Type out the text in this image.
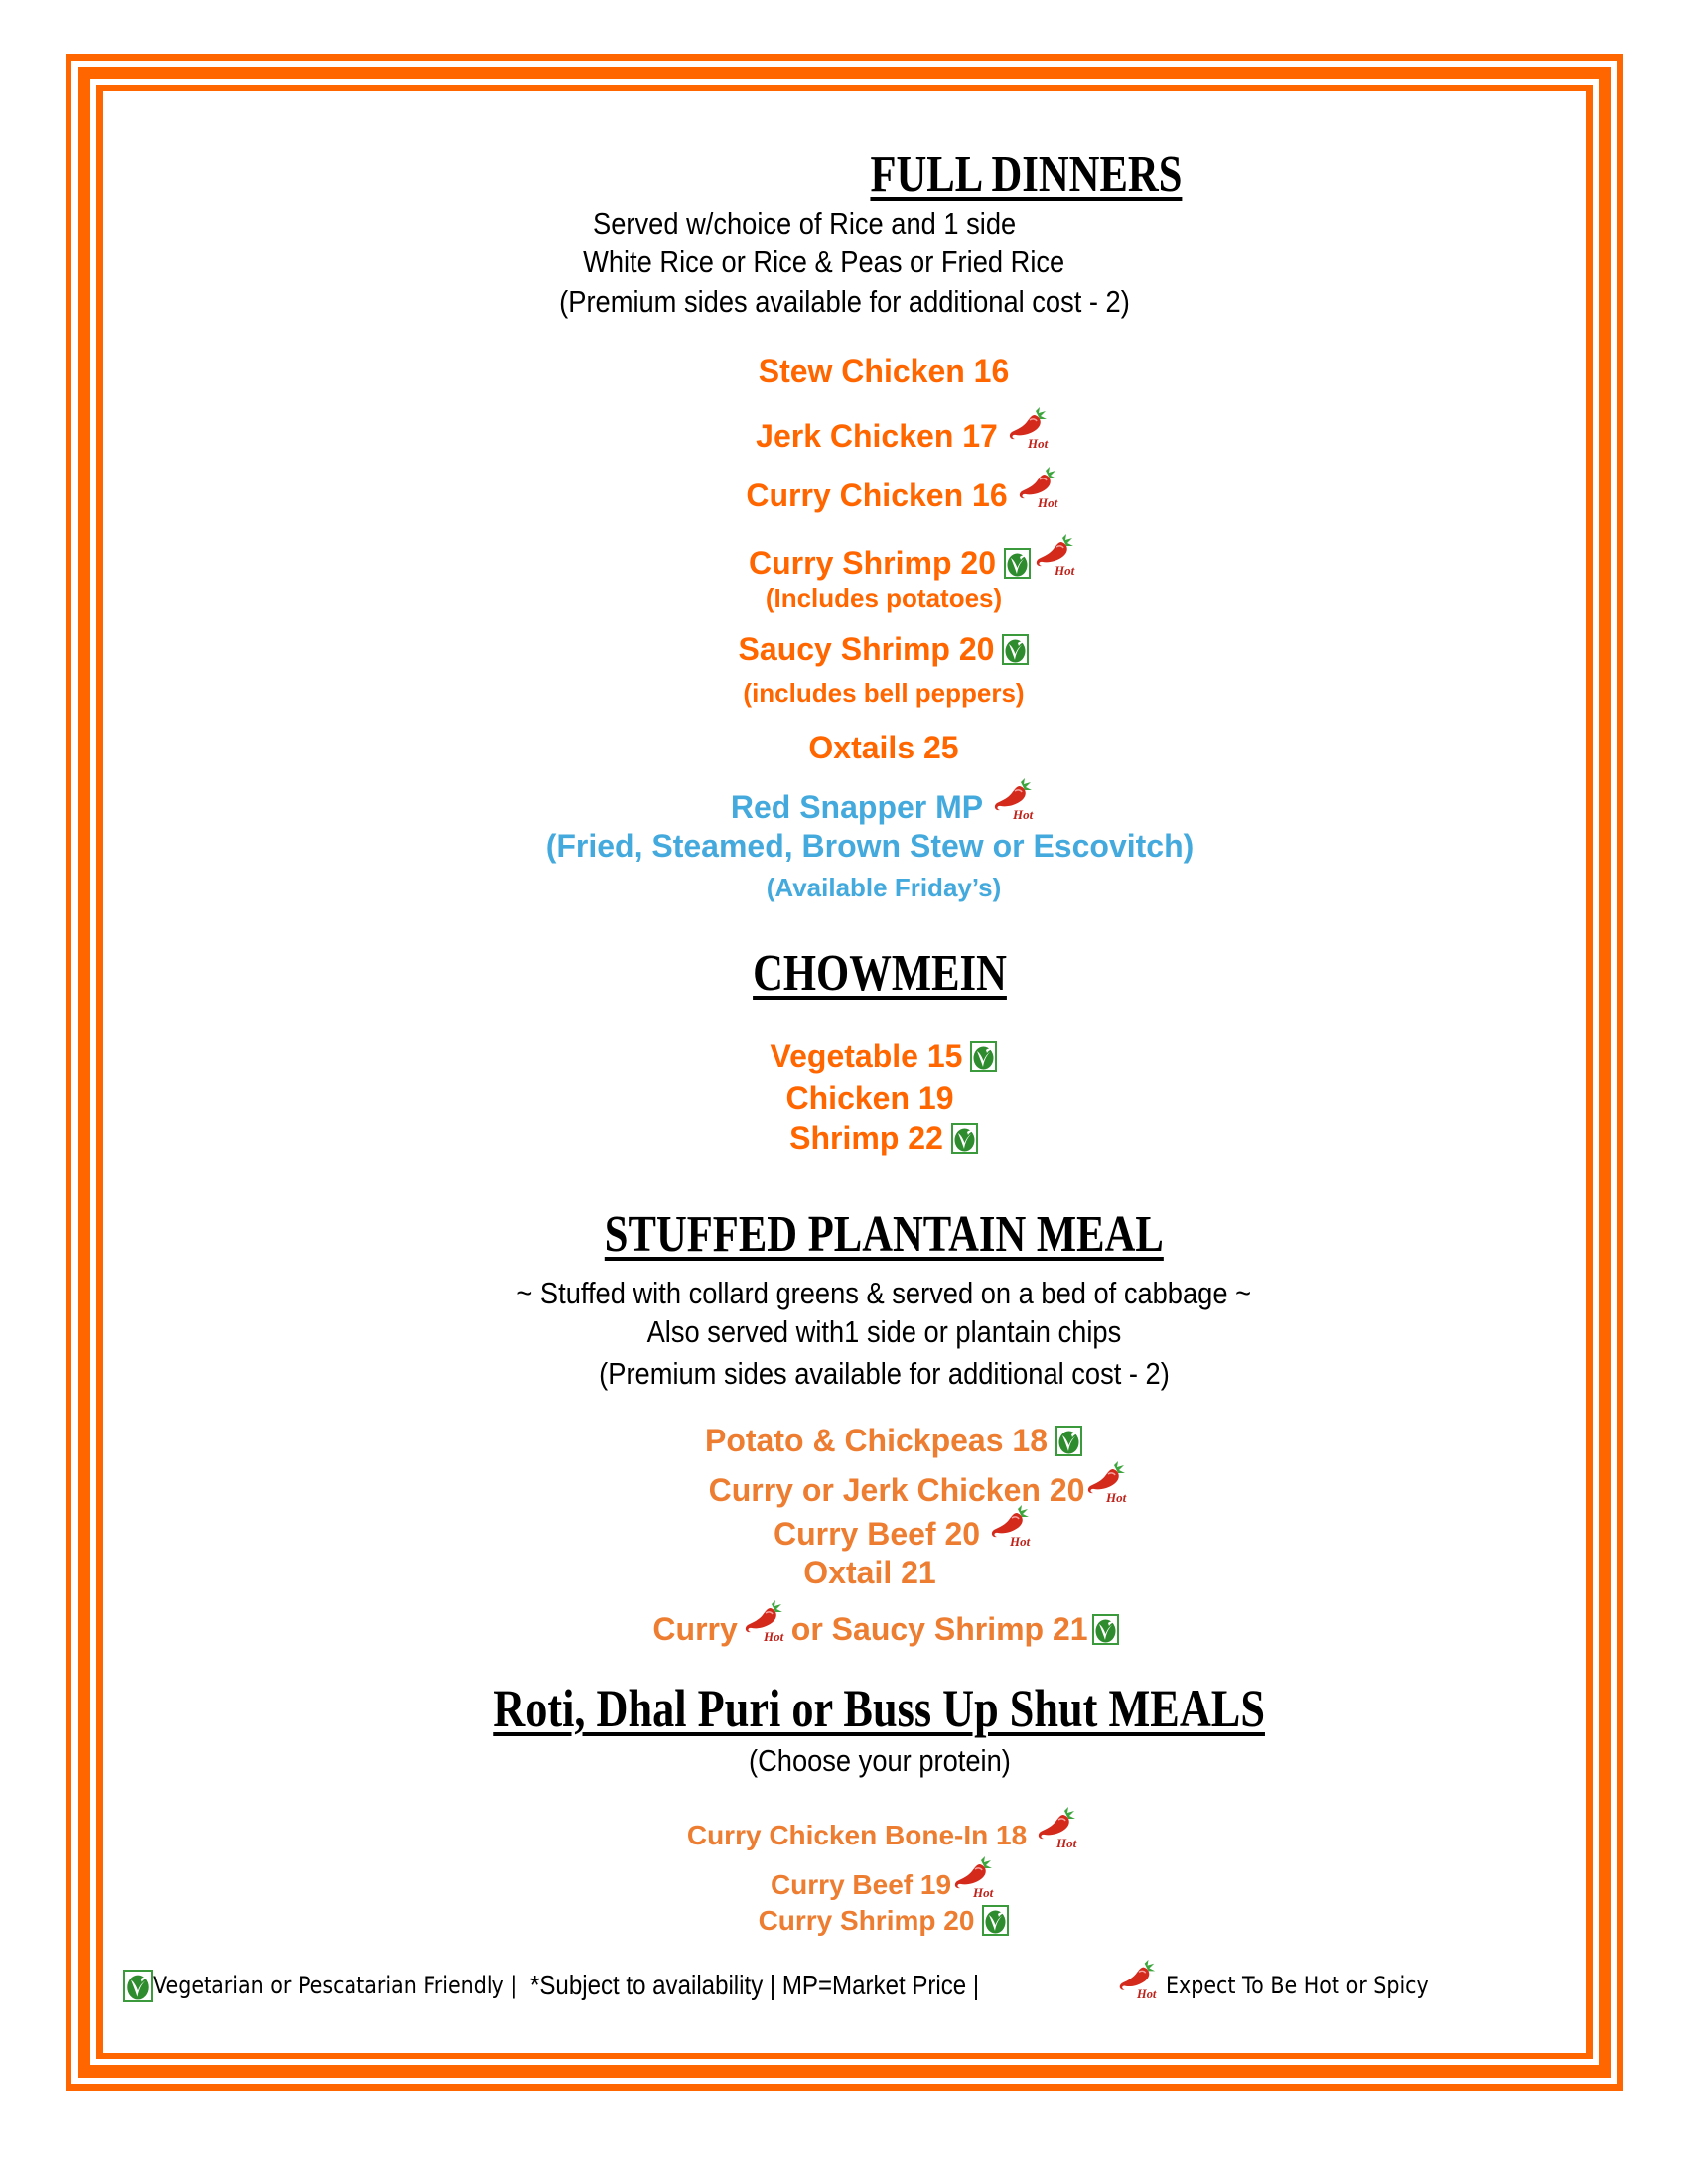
FULL DINNERS
Served w/choice of Rice and 1 side
White Rice or Rice & Peas or Fried Rice
(Premium sides available for additional cost - 2)
Stew Chicken 16
Jerk Chicken 17
Curry Chicken 16
Curry Shrimp 20
(Includes potatoes)
Saucy Shrimp 20
(includes bell peppers)
Oxtails 25
Red Snapper MP
(Fried, Steamed, Brown Stew or Escovitch)
(Available Friday’s)
CHOWMEIN
Vegetable 15
Chicken 19
Shrimp 22
STUFFED PLANTAIN MEAL
~ Stuffed with collard greens & served on a bed of cabbage ~
Also served with1 side or plantain chips
(Premium sides available for additional cost - 2)
Potato & Chickpeas 18
Curry or Jerk Chicken 20
Curry Beef 20
Oxtail 21
Curry or Saucy Shrimp 21
Roti, Dhal Puri or Buss Up Shut MEALS
(Choose your protein)
Curry Chicken Bone-In 18
Curry Beef 19
Curry Shrimp 20
Vegetarian or Pescatarian Friendly | *Subject to availability | MP=Market Price |	Expect To Be Hot or Spicy
